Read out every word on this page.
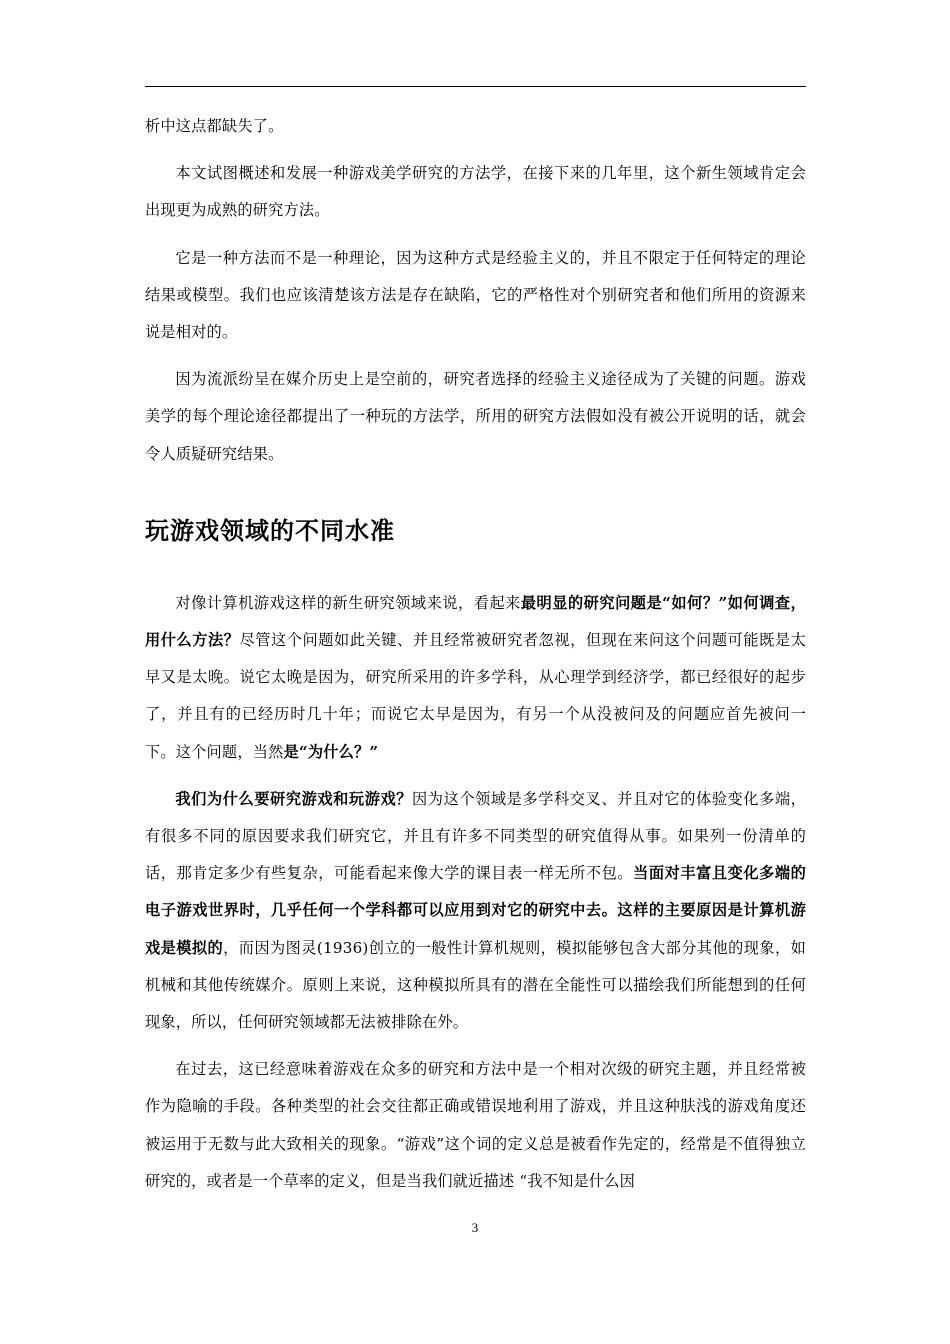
析中这点都缺失了。

本文试图概述和发展一种游戏美学研究的方法学，在接下来的几年里，这个新生领域肯定会出现更为成熟的研究方法。

它是一种方法而不是一种理论，因为这种方式是经验主义的，并且不限定于任何特定的理论结果或模型。我们也应该清楚该方法是存在缺陷，它的严格性对个别研究者和他们所用的资源来说是相对的。

因为流派纷呈在媒介历史上是空前的，研究者选择的经验主义途径成为了关键的问题。游戏美学的每个理论途径都提出了一种玩的方法学，所用的研究方法假如没有被公开说明的话，就会令人质疑研究结果。

玩游戏领域的不同水准

对像计算机游戏这样的新生研究领域来说，看起来最明显的研究问题是“如何？”如何调查，用什么方法？尽管这个问题如此关键、并且经常被研究者忽视，但现在来问这个问题可能既是太早又是太晚。说它太晚是因为，研究所采用的许多学科，从心理学到经济学，都已经很好的起步了，并且有的已经历时几十年；而说它太早是因为，有另一个从没被问及的问题应首先被问一下。这个问题，当然是“为什么？”

我们为什么要研究游戏和玩游戏？因为这个领域是多学科交叉、并且对它的体验变化多端，有很多不同的原因要求我们研究它，并且有许多不同类型的研究值得从事。如果列一份清单的话，那肯定多少有些复杂，可能看起来像大学的课目表一样无所不包。当面对丰富且变化多端的电子游戏世界时，几乎任何一个学科都可以应用到对它的研究中去。这样的主要原因是计算机游戏是模拟的，而因为图灵(1936)创立的一般性计算机规则，模拟能够包含大部分其他的现象，如机械和其他传统媒介。原则上来说，这种模拟所具有的潜在全能性可以描绘我们所能想到的任何现象，所以，任何研究领域都无法被排除在外。

在过去，这已经意味着游戏在众多的研究和方法中是一个相对次级的研究主题，并且经常被作为隐喻的手段。各种类型的社会交往都正确或错误地利用了游戏，并且这种肤浅的游戏角度还被运用于无数与此大致相关的现象。“游戏”这个词的定义总是被看作先定的，经常是不值得独立研究的，或者是一个草率的定义，但是当我们就近描述 “我不知是什么因

3
